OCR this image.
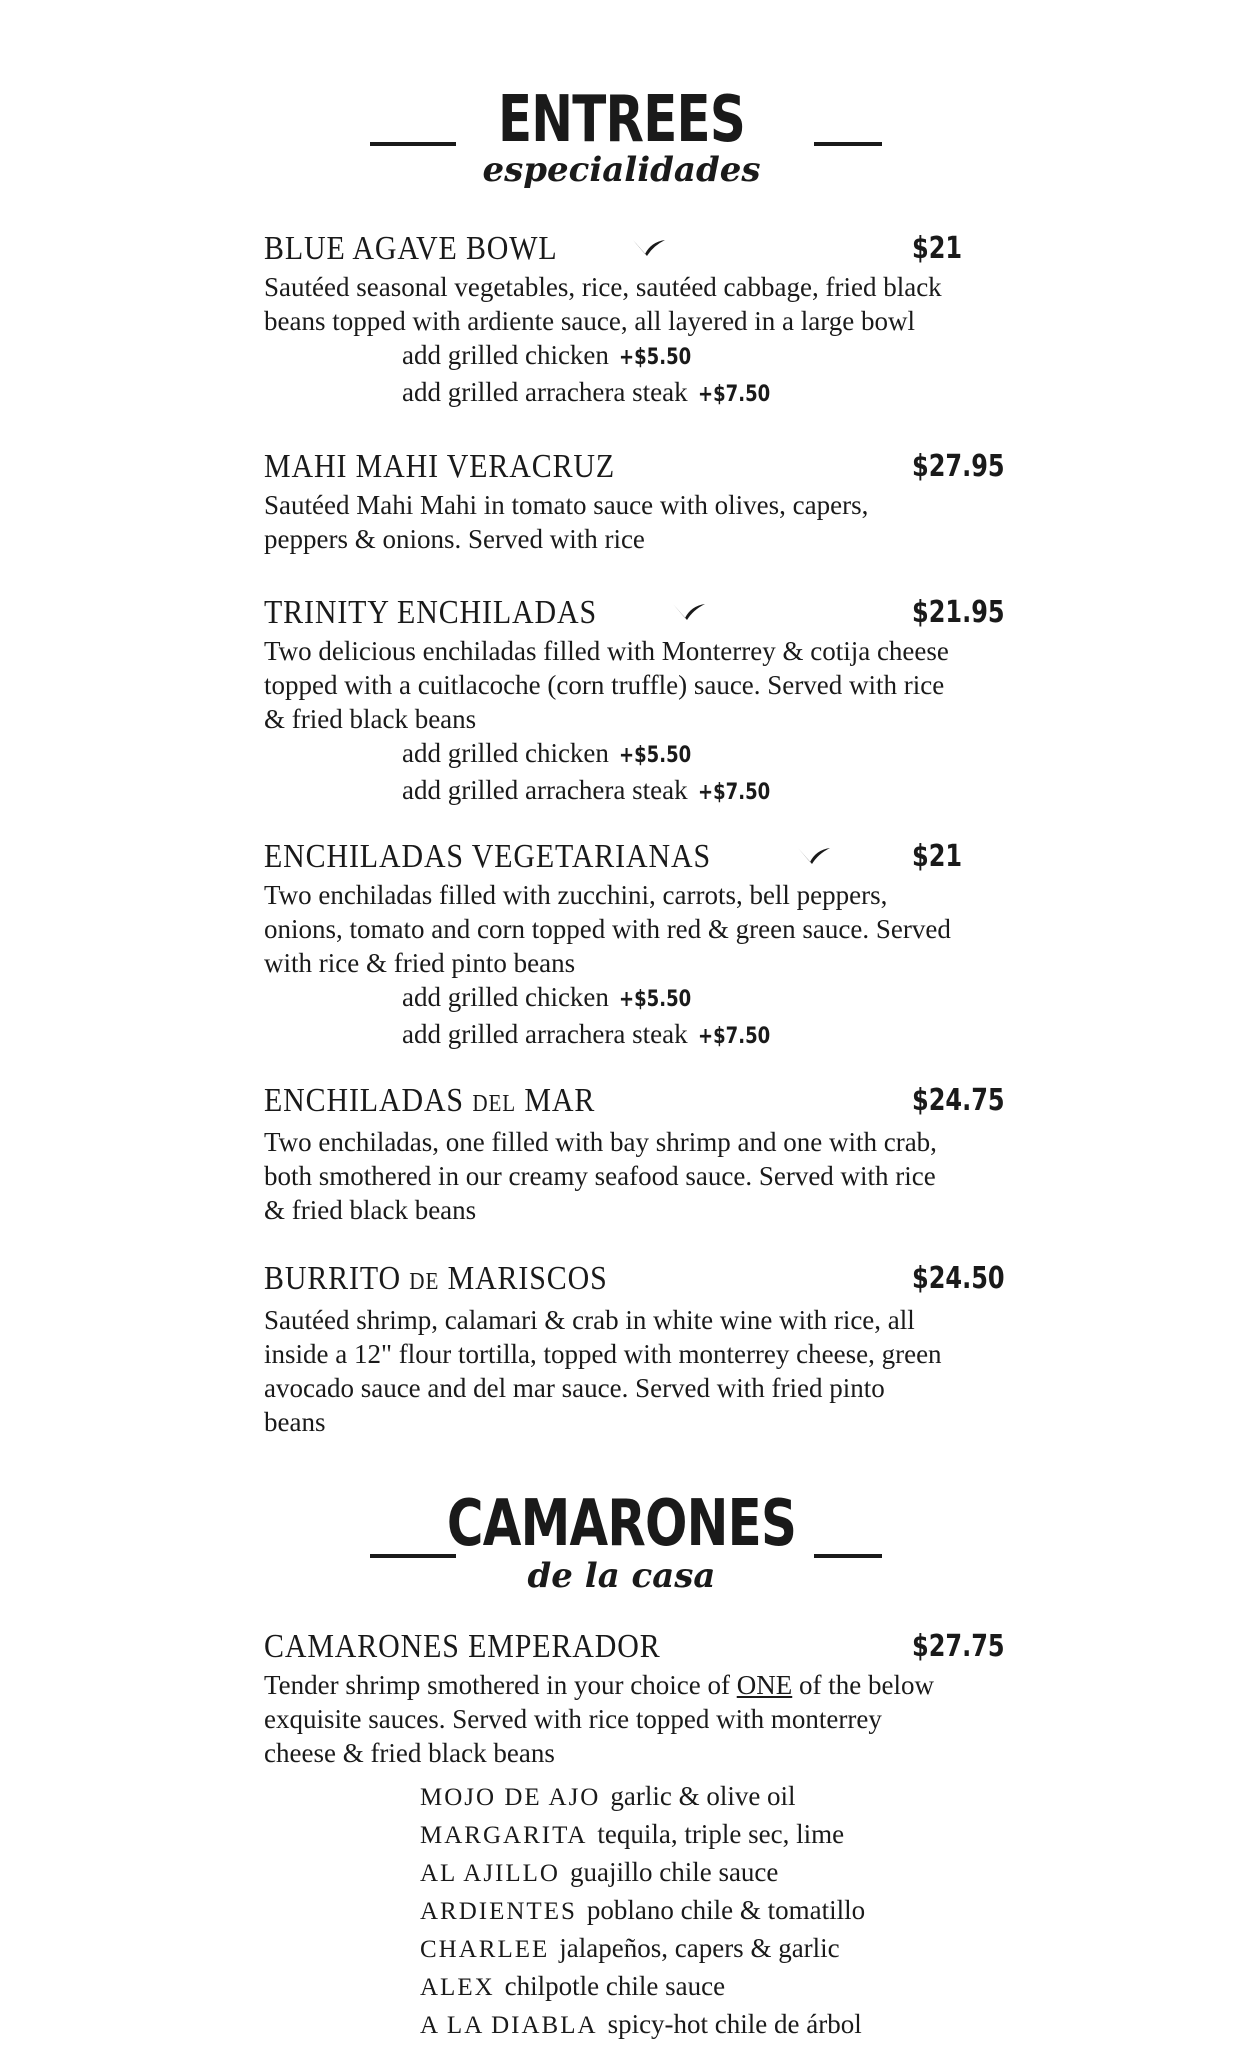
ENTREES
especialidades
BLUE AGAVE BOWL	$21

Sautéed seasonal vegetables, rice, sautéed cabbage, fried black beans topped with ardiente sauce, all layered in a large bowl

add grilled chicken +$5.50
add grilled arrachera steak +$7.50
MAHI MAHI VERACRUZ	$27.95

Sautéed Mahi Mahi in tomato sauce with olives, capers, peppers & onions. Served with rice

TRINITY ENCHILADAS	$21.95

Two delicious enchiladas filled with Monterrey & cotija cheese topped with a cuitlacoche (corn truffle) sauce. Served with rice & fried black beans

add grilled chicken +$5.50
add grilled arrachera steak +$7.50
ENCHILADAS VEGETARIANAS	$21

Two enchiladas filled with zucchini, carrots, bell peppers, onions, tomato and corn topped with red & green sauce. Served with rice & fried pinto beans

add grilled chicken +$5.50
add grilled arrachera steak +$7.50
ENCHILADAS DEL MAR	$24.75

Two enchiladas, one filled with bay shrimp and one with crab, both smothered in our creamy seafood sauce. Served with rice & fried black beans

BURRITO DE MARISCOS	$24.50

Sautéed shrimp, calamari & crab in white wine with rice, all inside a 12" flour tortilla, topped with monterrey cheese, green avocado sauce and del mar sauce. Served with fried pinto beans

CAMARONES
de la casa
CAMARONES EMPERADOR	$27.75

Tender shrimp smothered in your choice of ONE of the below exquisite sauces. Served with rice topped with monterrey cheese & fried black beans

MOJO DE AJO garlic & olive oil
MARGARITA tequila, triple sec, lime
AL AJILLO guajillo chile sauce
ARDIENTES poblano chile & tomatillo
CHARLEE jalapeños, capers & garlic
ALEX chilpotle chile sauce
A LA DIABLA spicy-hot chile de árbol
